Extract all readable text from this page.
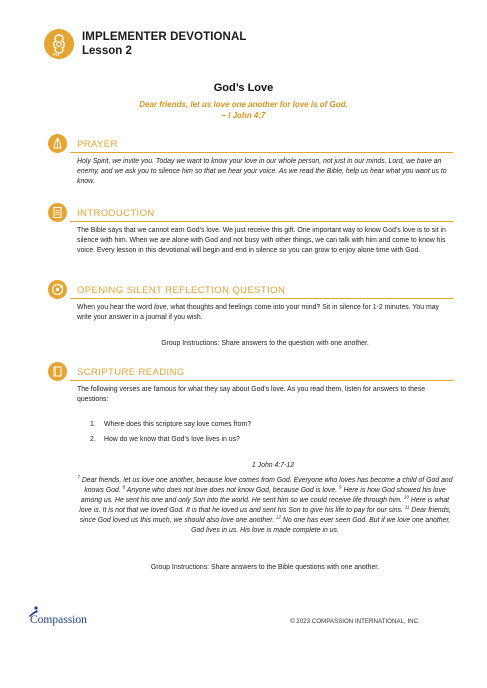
PLI
IMPLEMENTER DEVOTIONAL
Lesson 2
God’s Love
Dear friends, let us love one another for love is of God.
– I John 4:7
PRAYER
Holy Spirit, we invite you. Today we want to know your love in our whole person, not just in our minds. Lord, we have an enemy, and we ask you to silence him so that we hear your voice. As we read the Bible, help us hear what you want us to know.
INTRODUCTION
The Bible says that we cannot earn God’s love. We just receive this gift. One important way to know God’s love is to sit in silence with him. When we are alone with God and not busy with other things, we can talk with him and come to know his voice. Every lesson in this devotional will begin and end in silence so you can grow to enjoy alone time with God.
OPENING SILENT REFLECTION QUESTION
When you hear the word love, what thoughts and feelings come into your mind? Sit in silence for 1-2 minutes. You may write your answer in a journal if you wish.
Group Instructions: Share answers to the question with one another.
SCRIPTURE READING
The following verses are famous for what they say about God’s love. As you read them, listen for answers to these questions:
1. Where does this scripture say love comes from?
2. How do we know that God’s love lives in us?
1 John 4:7-12
$^7$ Dear friends, let us love one another, because love comes from God. Everyone who loves has become a child of God and knows God. $^8$ Anyone who does not love does not know God, because God is love. $^9$ Here is how God showed his love among us. He sent his one and only Son into the world. He sent him so we could receive life through him. $^{10}$ Here is what love is. It is not that we loved God. It is that he loved us and sent his Son to give his life to pay for our sins. $^{11}$ Dear friends, since God loved us this much, we should also love one another. $^{12}$ No one has ever seen God. But if we love one another, God lives in us. His love is made complete in us.
Group Instructions: Share answers to the Bible questions with one another.
Compassion	© 2023 COMPASSION INTERNATIONAL, INC.
